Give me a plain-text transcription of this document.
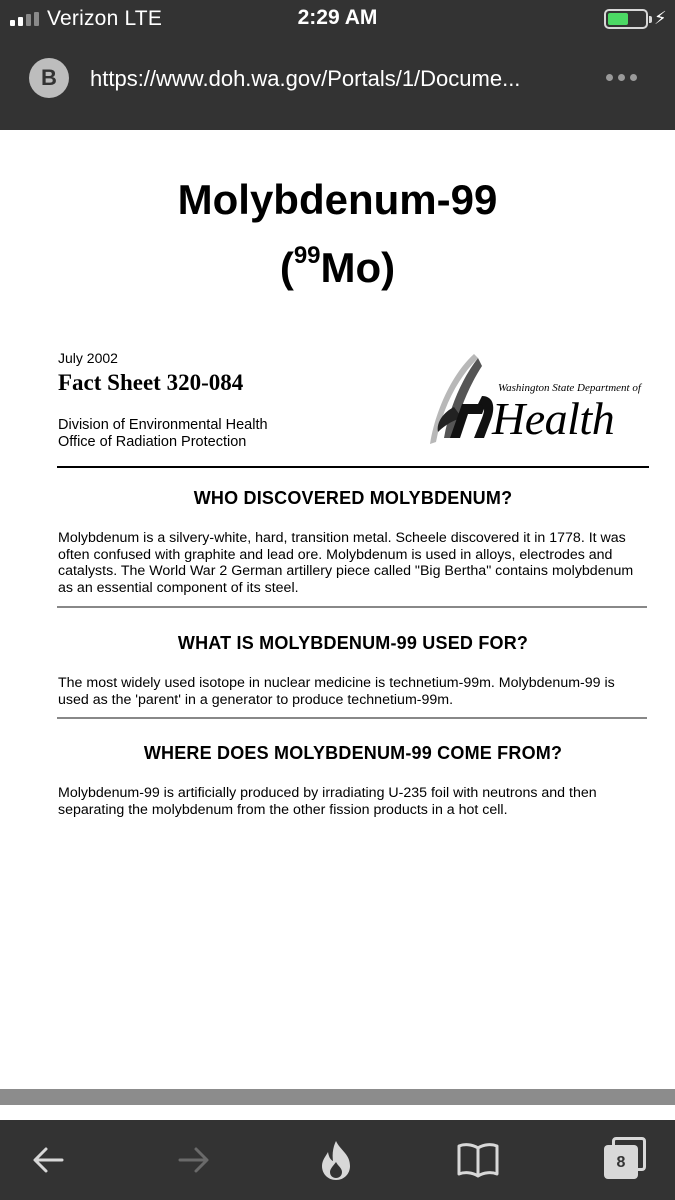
Verizon LTE	2:29 AM	⚡︎
B	https://www.doh.wa.gov/Portals/1/Docume...
Molybdenum-99
($^{99}$Mo)
July 2002
Fact Sheet 320-084
Division of Environmental Health
Office of Radiation Protection
Washington State Department of
Health
WHO DISCOVERED MOLYBDENUM?
Molybdenum is a silvery-white, hard, transition metal. Scheele discovered it in 1778. It was often confused with graphite and lead ore. Molybdenum is used in alloys, electrodes and catalysts. The World War 2 German artillery piece called "Big Bertha" contains molybdenum as an essential component of its steel.
WHAT IS MOLYBDENUM-99 USED FOR?
The most widely used isotope in nuclear medicine is technetium-99m. Molybdenum-99 is used as the 'parent' in a generator to produce technetium-99m.
WHERE DOES MOLYBDENUM-99 COME FROM?
Molybdenum-99 is artificially produced by irradiating U-235 foil with neutrons and then separating the molybdenum from the other fission products in a hot cell.
8
